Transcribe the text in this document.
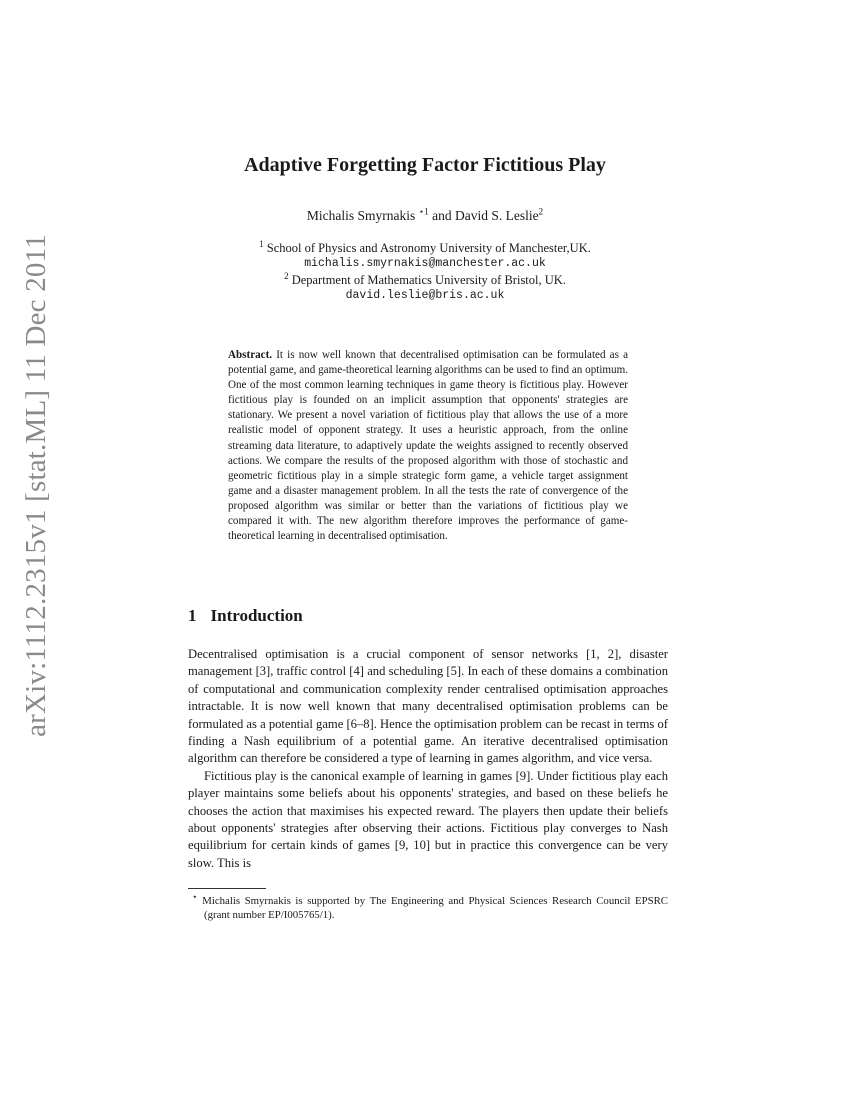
arXiv:1112.2315v1 [stat.ML] 11 Dec 2011
Adaptive Forgetting Factor Fictitious Play
Michalis Smyrnakis $^{⋆1}$ and David S. Leslie$^2$
$^1$ School of Physics and Astronomy University of Manchester,UK.
michalis.smyrnakis@manchester.ac.uk
$^2$ Department of Mathematics University of Bristol, UK.
david.leslie@bris.ac.uk
Abstract. It is now well known that decentralised optimisation can be formulated as a potential game, and game-theoretical learning algorithms can be used to find an optimum. One of the most common learning techniques in game theory is fictitious play. However fictitious play is founded on an implicit assumption that opponents' strategies are stationary. We present a novel variation of fictitious play that allows the use of a more realistic model of opponent strategy. It uses a heuristic approach, from the online streaming data literature, to adaptively update the weights assigned to recently observed actions. We compare the results of the proposed algorithm with those of stochastic and geometric fictitious play in a simple strategic form game, a vehicle target assignment game and a disaster management problem. In all the tests the rate of convergence of the proposed algorithm was similar or better than the variations of fictitious play we compared it with. The new algorithm therefore improves the performance of game-theoretical learning in decentralised optimisation.
1 Introduction

Decentralised optimisation is a crucial component of sensor networks [1, 2], disaster management [3], traffic control [4] and scheduling [5]. In each of these domains a combination of computational and communication complexity render centralised optimisation approaches intractable. It is now well known that many decentralised optimisation problems can be formulated as a potential game [6–8]. Hence the optimisation problem can be recast in terms of finding a Nash equilibrium of a potential game. An iterative decentralised optimisation algorithm can therefore be considered a type of learning in games algorithm, and vice versa.

Fictitious play is the canonical example of learning in games [9]. Under fictitious play each player maintains some beliefs about his opponents' strategies, and based on these beliefs he chooses the action that maximises his expected reward. The players then update their beliefs about opponents' strategies after observing their actions. Fictitious play converges to Nash equilibrium for certain kinds of games [9, 10] but in practice this convergence can be very slow. This is

⋆ Michalis Smyrnakis is supported by The Engineering and Physical Sciences Research Council EPSRC (grant number EP/I005765/1).
